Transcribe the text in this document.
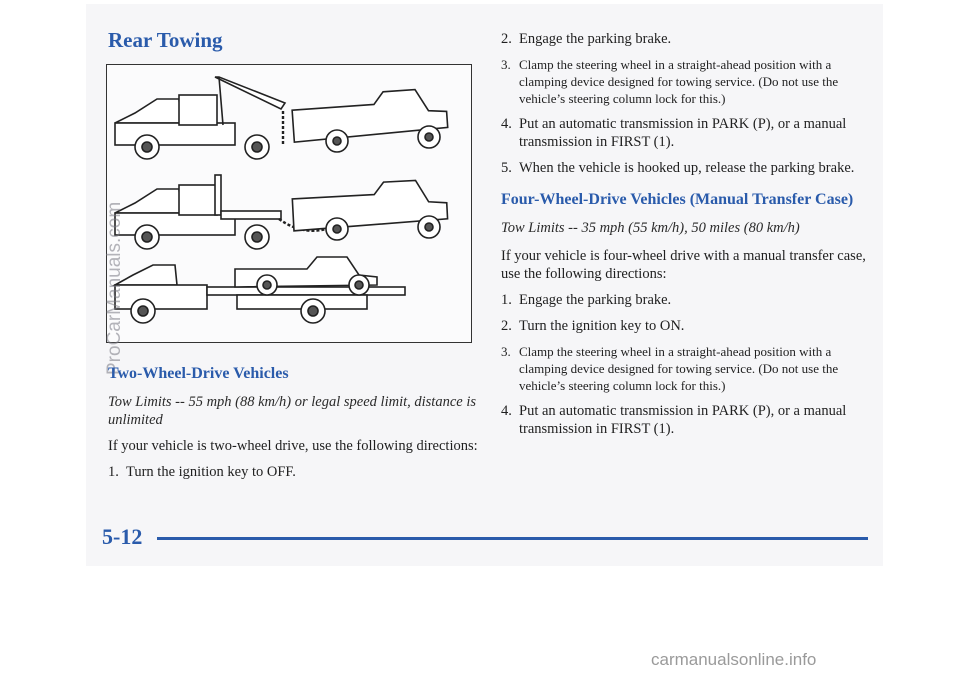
Rear Towing
ProCarManuals.com
Two-Wheel-Drive Vehicles
Tow Limits -- 55 mph (88 km/h) or legal speed limit, distance is unlimited
If your vehicle is two-wheel drive, use the following directions:
1. Turn the ignition key to OFF.
2. Engage the parking brake.
3. Clamp the steering wheel in a straight-ahead position with a clamping device designed for towing service. (Do not use the vehicle’s steering column lock for this.)
4. Put an automatic transmission in PARK (P), or a manual transmission in FIRST (1).
5. When the vehicle is hooked up, release the parking brake.
Four-Wheel-Drive Vehicles (Manual Transfer Case)
Tow Limits -- 35 mph (55 km/h), 50 miles (80 km/h)
If your vehicle is four-wheel drive with a manual transfer case, use the following directions:
1. Engage the parking brake.
2. Turn the ignition key to ON.
3. Clamp the steering wheel in a straight-ahead position with a clamping device designed for towing service. (Do not use the vehicle’s steering column lock for this.)
4. Put an automatic transmission in PARK (P), or a manual transmission in FIRST (1).
5-12
carmanualsonline.info
